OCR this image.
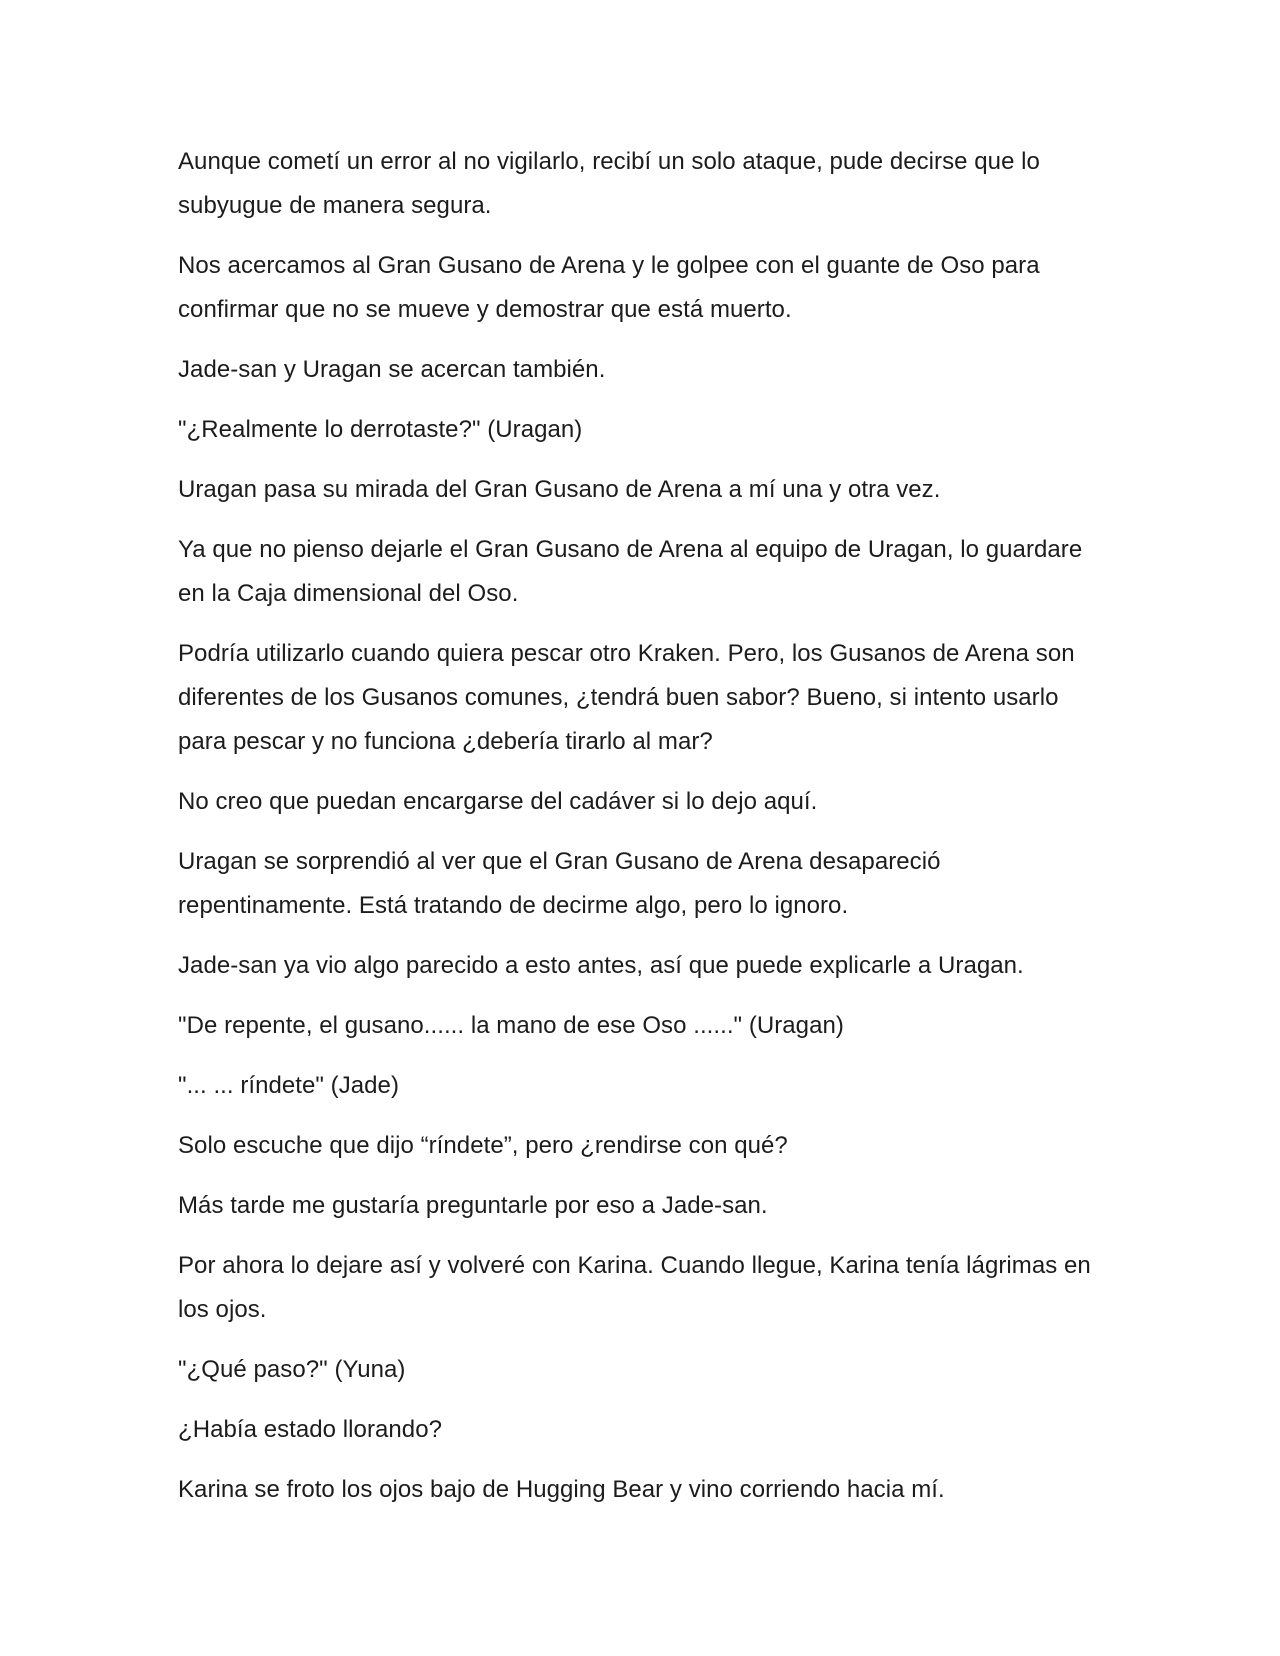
Aunque cometí un error al no vigilarlo, recibí un solo ataque, pude decirse que lo subyugue de manera segura.

Nos acercamos al Gran Gusano de Arena y le golpee con el guante de Oso para confirmar que no se mueve y demostrar que está muerto.

Jade-san y Uragan se acercan también.

"¿Realmente lo derrotaste?" (Uragan)

Uragan pasa su mirada del Gran Gusano de Arena a mí una y otra vez.

Ya que no pienso dejarle el Gran Gusano de Arena al equipo de Uragan, lo guardare en la Caja dimensional del Oso.

Podría utilizarlo cuando quiera pescar otro Kraken. Pero, los Gusanos de Arena son diferentes de los Gusanos comunes, ¿tendrá buen sabor? Bueno, si intento usarlo para pescar y no funciona ¿debería tirarlo al mar?

No creo que puedan encargarse del cadáver si lo dejo aquí.

Uragan se sorprendió al ver que el Gran Gusano de Arena desapareció repentinamente. Está tratando de decirme algo, pero lo ignoro.

Jade-san ya vio algo parecido a esto antes, así que puede explicarle a Uragan.

"De repente, el gusano...... la mano de ese Oso ......" (Uragan)

"... ... ríndete" (Jade)

Solo escuche que dijo “ríndete”, pero ¿rendirse con qué?

Más tarde me gustaría preguntarle por eso a Jade-san.

Por ahora lo dejare así y volveré con Karina. Cuando llegue, Karina tenía lágrimas en los ojos.

"¿Qué paso?" (Yuna)

¿Había estado llorando?

Karina se froto los ojos bajo de Hugging Bear y vino corriendo hacia mí.
